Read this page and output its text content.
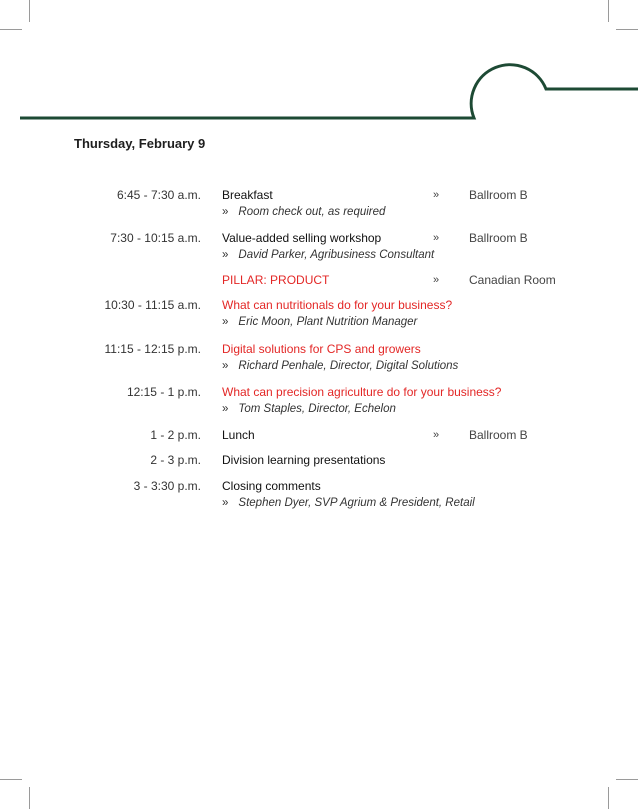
Thursday, February 9
6:45 - 7:30 a.m. Breakfast	» Ballroom B
» Room check out, as required
7:30 - 10:15 a.m. Value-added selling workshop	» Ballroom B
» David Parker, Agribusiness Consultant
PILLAR: PRODUCT	» Canadian Room
10:30 - 11:15 a.m. What can nutritionals do for your business?
» Eric Moon, Plant Nutrition Manager
11:15 - 12:15 p.m. Digital solutions for CPS and growers
» Richard Penhale, Director, Digital Solutions
12:15 - 1 p.m. What can precision agriculture do for your business?
» Tom Staples, Director, Echelon
1 - 2 p.m. Lunch	» Ballroom B
2 - 3 p.m. Division learning presentations
3 - 3:30 p.m. Closing comments
» Stephen Dyer, SVP Agrium & President, Retail
